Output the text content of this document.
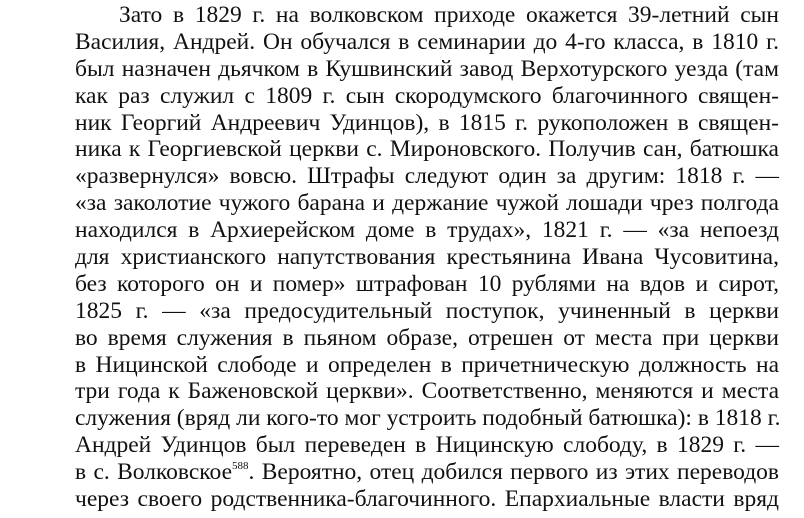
Зато в 1829 г. на волковском приходе окажется 39-летний сын
Василия, Андрей. Он обучался в семинарии до 4-го класса, в 1810 г.
был назначен дьячком в Кушвинский завод Верхотурского уезда (там
как раз служил с 1809 г. сын скородумского благочинного священ-
ник Георгий Андреевич Удинцов), в 1815 г. рукоположен в священ-
ника к Георгиевской церкви с. Мироновского. Получив сан, батюшка
«развернулся» вовсю. Штрафы следуют один за другим: 1818 г. —
«за заколотие чужого барана и держание чужой лошади чрез полгода
находился в Архиерейском доме в трудах», 1821 г. — «за непоезд
для христианского напутствования крестьянина Ивана Чусовитина,
без которого он и помер» штрафован 10 рублями на вдов и сирот,
1825 г. — «за предосудительный поступок, учиненный в церкви
во время служения в пьяном образе, отрешен от места при церкви
в Ницинской слободе и определен в причетническую должность на
три года к Баженовской церкви». Соответственно, меняются и места
служения (вряд ли кого-то мог устроить подобный батюшка): в 1818 г.
Андрей Удинцов был переведен в Ницинскую слободу, в 1829 г. —
в с. Волковское$^{588}$. Вероятно, отец добился первого из этих переводов
через своего родственника-благочинного. Епархиальные власти вряд
